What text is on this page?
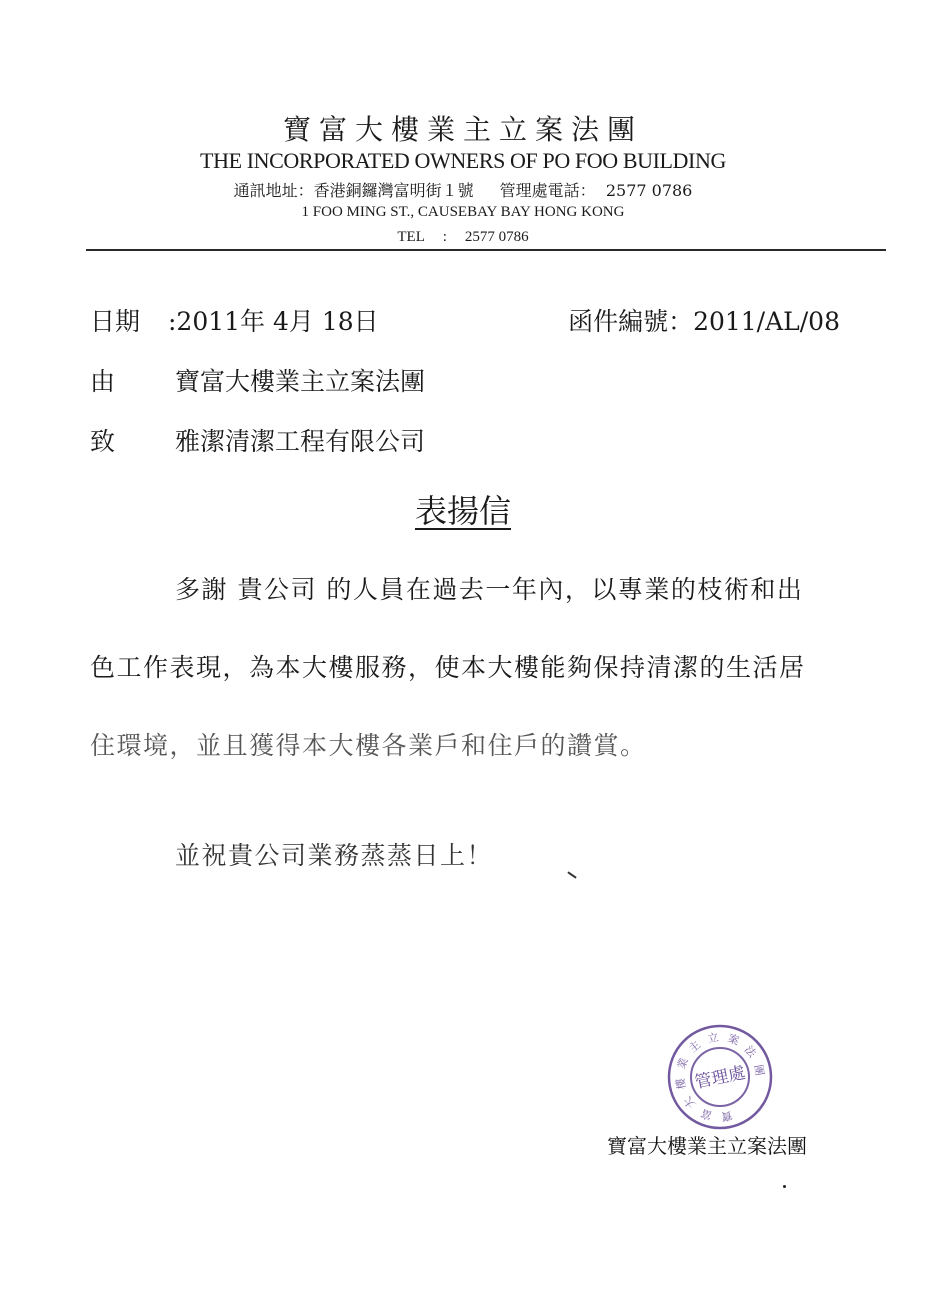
寶富大樓業主立案法團
THE INCORPORATED OWNERS OF PO FOO BUILDING
通訊地址：香港銅鑼灣富明街１號 管理處電話： 2577 0786
1 FOO MING ST., CAUSEBAY BAY HONG KONG
TEL : 2577 0786
日期 :2011年 4月 18日	函件編號：2011/AL/08
由 寶富大樓業主立案法團
致 雅潔清潔工程有限公司
表揚信
多謝 貴公司 的人員在過去一年內，以專業的枝術和出
色工作表現，為本大樓服務，使本大樓能夠保持清潔的生活居
住環境，並且獲得本大樓各業戶和住戶的讚賞。
並祝貴公司業務蒸蒸日上！
寶
富
大
樓
業
主
立 案
法
團
管理處
寶富大樓業主立案法團
